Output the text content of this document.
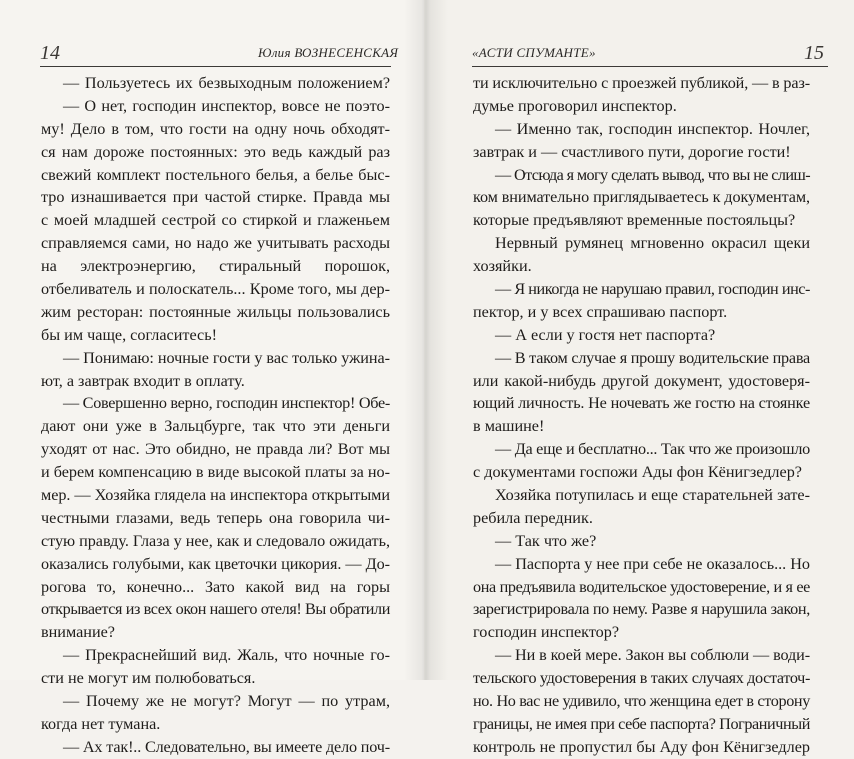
14	Юлия ВОЗНЕСЕНСКАЯ
— Пользуетесь их безвыходным положением?
— О нет, господин инспектор, вовсе не поэто-
му! Дело в том, что гости на одну ночь обходят-
ся нам дороже постоянных: это ведь каждый раз
свежий комплект постельного белья, а белье быс-
тро изнашивается при частой стирке. Правда мы
с моей младшей сестрой со стиркой и глаженьем
справляемся сами, но надо же учитывать расходы
на электроэнергию, стиральный порошок,
отбеливатель и полоскатель... Кроме того, мы дер-
жим ресторан: постоянные жильцы пользовались
бы им чаще, согласитесь!
— Понимаю: ночные гости у вас только ужина-
ют, а завтрак входит в оплату.
— Совершенно верно, господин инспектор! Обе-
дают они уже в Зальцбурге, так что эти деньги
уходят от нас. Это обидно, не правда ли? Вот мы
и берем компенсацию в виде высокой платы за но-
мер. — Хозяйка глядела на инспектора открытыми
честными глазами, ведь теперь она говорила чи-
стую правду. Глаза у нее, как и следовало ожидать,
оказались голубыми, как цветочки цикория. — До-
рогова то, конечно... Зато какой вид на горы
открывается из всех окон нашего отеля! Вы обратили
внимание?
— Прекраснейший вид. Жаль, что ночные го-
сти не могут им полюбоваться.
— Почему же не могут? Могут — по утрам,
когда нет тумана.
— Ах так!.. Следовательно, вы имеете дело поч-
«АСТИ СПУМАНТЕ»	15
ти исключительно с проезжей публикой, — в раз-
думье проговорил инспектор.
— Именно так, господин инспектор. Ночлег,
завтрак и — счастливого пути, дорогие гости!
— Отсюда я могу сделать вывод, что вы не слиш-
ком внимательно приглядываетесь к документам,
которые предъявляют временные постояльцы?
Нервный румянец мгновенно окрасил щеки
хозяйки.
— Я никогда не нарушаю правил, господин инс-
пектор, и у всех спрашиваю паспорт.
— А если у гостя нет паспорта?
— В таком случае я прошу водительские права
или какой-нибудь другой документ, удостоверя-
ющий личность. Не ночевать же гостю на стоянке
в машине!
— Да еще и бесплатно... Так что же произошло
с документами госпожи Ады фон Кёнигзедлер?
Хозяйка потупилась и еще старательней зате-
ребила передник.
— Так что же?
— Паспорта у нее при себе не оказалось... Но
она предъявила водительское удостоверение, и я ее
зарегистрировала по нему. Разве я нарушила закон,
господин инспектор?
— Ни в коей мере. Закон вы соблюли — води-
тельского удостоверения в таких случаях достаточ-
но. Но вас не удивило, что женщина едет в сторону
границы, не имея при себе паспорта? Пограничный
контроль не пропустил бы Аду фон Кёнигзедлер
